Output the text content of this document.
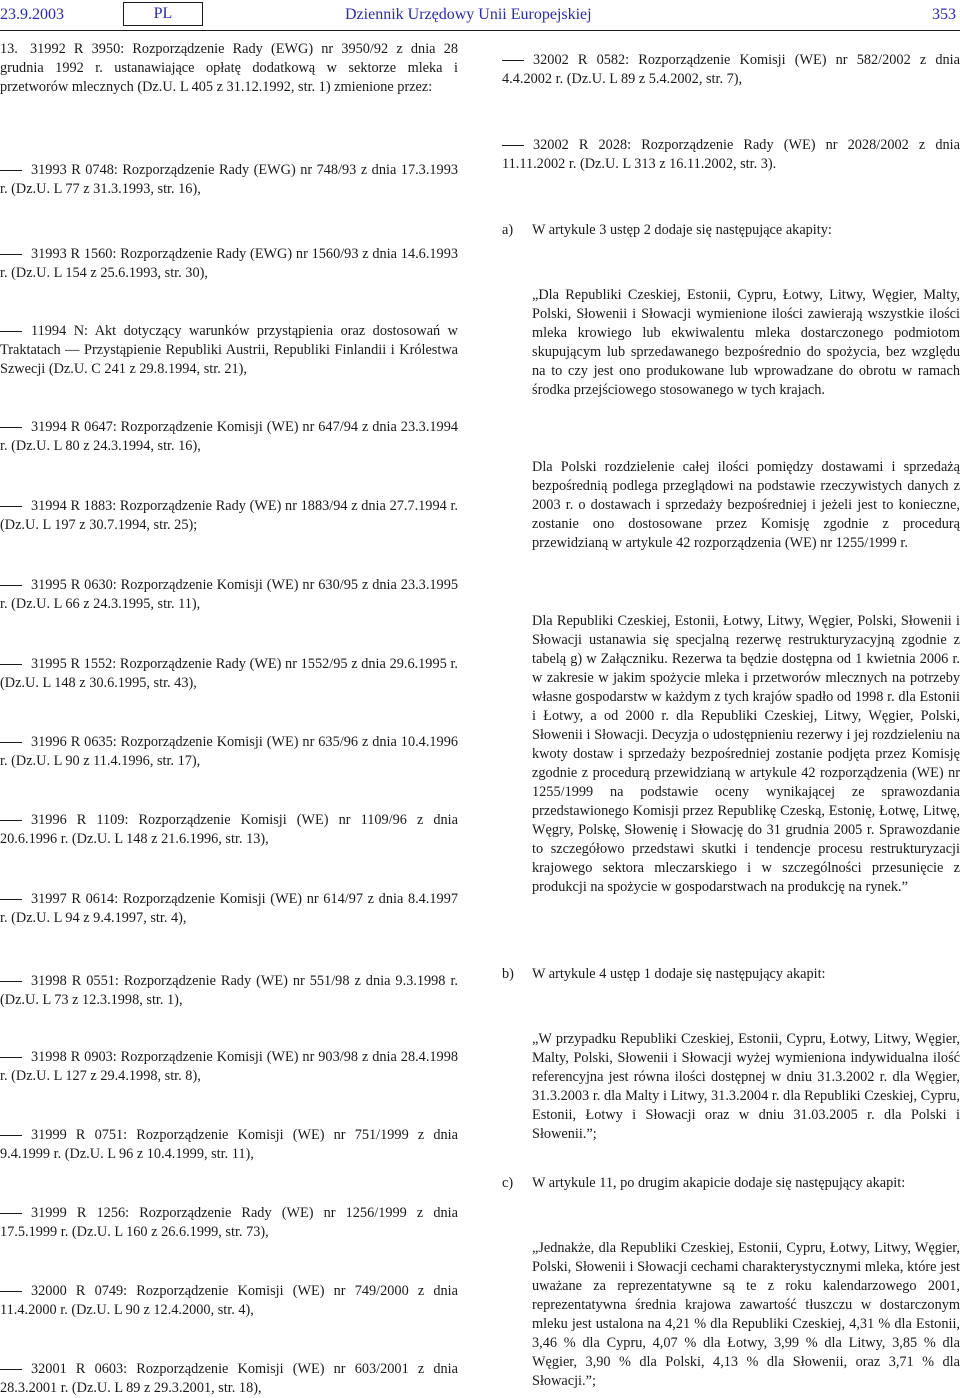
23.9.2003	PL	Dziennik Urzędowy Unii Europejskiej	353
13. 31992 R 3950: Rozporządzenie Rady (EWG) nr 3950/92 z dnia 28 grudnia 1992 r. ustanawiające opłatę dodatkową w sektorze mleka i przetworów mlecznych (Dz.U. L 405 z 31.12.1992, str. 1) zmienione przez:
31993 R 0748: Rozporządzenie Rady (EWG) nr 748/93 z dnia 17.3.1993 r. (Dz.U. L 77 z 31.3.1993, str. 16),
31993 R 1560: Rozporządzenie Rady (EWG) nr 1560/93 z dnia 14.6.1993 r. (Dz.U. L 154 z 25.6.1993, str. 30),
11994 N: Akt dotyczący warunków przystąpienia oraz dostosowań w Traktatach — Przystąpienie Republiki Austrii, Republiki Finlandii i Królestwa Szwecji (Dz.U. C 241 z 29.8.1994, str. 21),
31994 R 0647: Rozporządzenie Komisji (WE) nr 647/94 z dnia 23.3.1994 r. (Dz.U. L 80 z 24.3.1994, str. 16),
31994 R 1883: Rozporządzenie Rady (WE) nr 1883/94 z dnia 27.7.1994 r. (Dz.U. L 197 z 30.7.1994, str. 25);
31995 R 0630: Rozporządzenie Komisji (WE) nr 630/95 z dnia 23.3.1995 r. (Dz.U. L 66 z 24.3.1995, str. 11),
31995 R 1552: Rozporządzenie Rady (WE) nr 1552/95 z dnia 29.6.1995 r. (Dz.U. L 148 z 30.6.1995, str. 43),
31996 R 0635: Rozporządzenie Komisji (WE) nr 635/96 z dnia 10.4.1996 r. (Dz.U. L 90 z 11.4.1996, str. 17),
31996 R 1109: Rozporządzenie Komisji (WE) nr 1109/96 z dnia 20.6.1996 r. (Dz.U. L 148 z 21.6.1996, str. 13),
31997 R 0614: Rozporządzenie Komisji (WE) nr 614/97 z dnia 8.4.1997 r. (Dz.U. L 94 z 9.4.1997, str. 4),
31998 R 0551: Rozporządzenie Rady (WE) nr 551/98 z dnia 9.3.1998 r. (Dz.U. L 73 z 12.3.1998, str. 1),
31998 R 0903: Rozporządzenie Komisji (WE) nr 903/98 z dnia 28.4.1998 r. (Dz.U. L 127 z 29.4.1998, str. 8),
31999 R 0751: Rozporządzenie Komisji (WE) nr 751/1999 z dnia 9.4.1999 r. (Dz.U. L 96 z 10.4.1999, str. 11),
31999 R 1256: Rozporządzenie Rady (WE) nr 1256/1999 z dnia 17.5.1999 r. (Dz.U. L 160 z 26.6.1999, str. 73),
32000 R 0749: Rozporządzenie Komisji (WE) nr 749/2000 z dnia 11.4.2000 r. (Dz.U. L 90 z 12.4.2000, str. 4),
32001 R 0603: Rozporządzenie Komisji (WE) nr 603/2001 z dnia 28.3.2001 r. (Dz.U. L 89 z 29.3.2001, str. 18),
32002 R 0582: Rozporządzenie Komisji (WE) nr 582/2002 z dnia 4.4.2002 r. (Dz.U. L 89 z 5.4.2002, str. 7),
32002 R 2028: Rozporządzenie Rady (WE) nr 2028/2002 z dnia 11.11.2002 r. (Dz.U. L 313 z 16.11.2002, str. 3).
a) W artykule 3 ustęp 2 dodaje się następujące akapity:
„Dla Republiki Czeskiej, Estonii, Cypru, Łotwy, Litwy, Węgier, Malty, Polski, Słowenii i Słowacji wymienione ilości zawierają wszystkie ilości mleka krowiego lub ekwiwalentu mleka dostarczonego podmiotom skupującym lub sprzedawanego bezpośrednio do spożycia, bez względu na to czy jest ono produkowane lub wprowadzane do obrotu w ramach środka przejściowego stosowanego w tych krajach.
Dla Polski rozdzielenie całej ilości pomiędzy dostawami i sprzedażą bezpośrednią podlega przeglądowi na podstawie rzeczywistych danych z 2003 r. o dostawach i sprzedaży bezpośredniej i jeżeli jest to konieczne, zostanie ono dostosowane przez Komisję zgodnie z procedurą przewidzianą w artykule 42 rozporządzenia (WE) nr 1255/1999 r.
Dla Republiki Czeskiej, Estonii, Łotwy, Litwy, Węgier, Polski, Słowenii i Słowacji ustanawia się specjalną rezerwę restrukturyzacyjną zgodnie z tabelą g) w Załączniku. Rezerwa ta będzie dostępna od 1 kwietnia 2006 r. w zakresie w jakim spożycie mleka i przetworów mlecznych na potrzeby własne gospodarstw w każdym z tych krajów spadło od 1998 r. dla Estonii i Łotwy, a od 2000 r. dla Republiki Czeskiej, Litwy, Węgier, Polski, Słowenii i Słowacji. Decyzja o udostępnieniu rezerwy i jej rozdzieleniu na kwoty dostaw i sprzedaży bezpośredniej zostanie podjęta przez Komisję zgodnie z procedurą przewidzianą w artykule 42 rozporządzenia (WE) nr 1255/1999 na podstawie oceny wynikającej ze sprawozdania przedstawionego Komisji przez Republikę Czeską, Estonię, Łotwę, Litwę, Węgry, Polskę, Słowenię i Słowację do 31 grudnia 2005 r. Sprawozdanie to szczegółowo przedstawi skutki i tendencje procesu restrukturyzacji krajowego sektora mleczarskiego i w szczególności przesunięcie z produkcji na spożycie w gospodarstwach na produkcję na rynek.”
b) W artykule 4 ustęp 1 dodaje się następujący akapit:
„W przypadku Republiki Czeskiej, Estonii, Cypru, Łotwy, Litwy, Węgier, Malty, Polski, Słowenii i Słowacji wyżej wymieniona indywidualna ilość referencyjna jest równa ilości dostępnej w dniu 31.3.2002 r. dla Węgier, 31.3.2003 r. dla Malty i Litwy, 31.3.2004 r. dla Republiki Czeskiej, Cypru, Estonii, Łotwy i Słowacji oraz w dniu 31.03.2005 r. dla Polski i Słowenii.”;
c) W artykule 11, po drugim akapicie dodaje się następujący akapit:
„Jednakże, dla Republiki Czeskiej, Estonii, Cypru, Łotwy, Litwy, Węgier, Polski, Słowenii i Słowacji cechami charakterystycznymi mleka, które jest uważane za reprezentatywne są te z roku kalendarzowego 2001, reprezentatywna średnia krajowa zawartość tłuszczu w dostarczonym mleku jest ustalona na 4,21 % dla Republiki Czeskiej, 4,31 % dla Estonii, 3,46 % dla Cypru, 4,07 % dla Łotwy, 3,99 % dla Litwy, 3,85 % dla Węgier, 3,90 % dla Polski, 4,13 % dla Słowenii, oraz 3,71 % dla Słowacji.”;
